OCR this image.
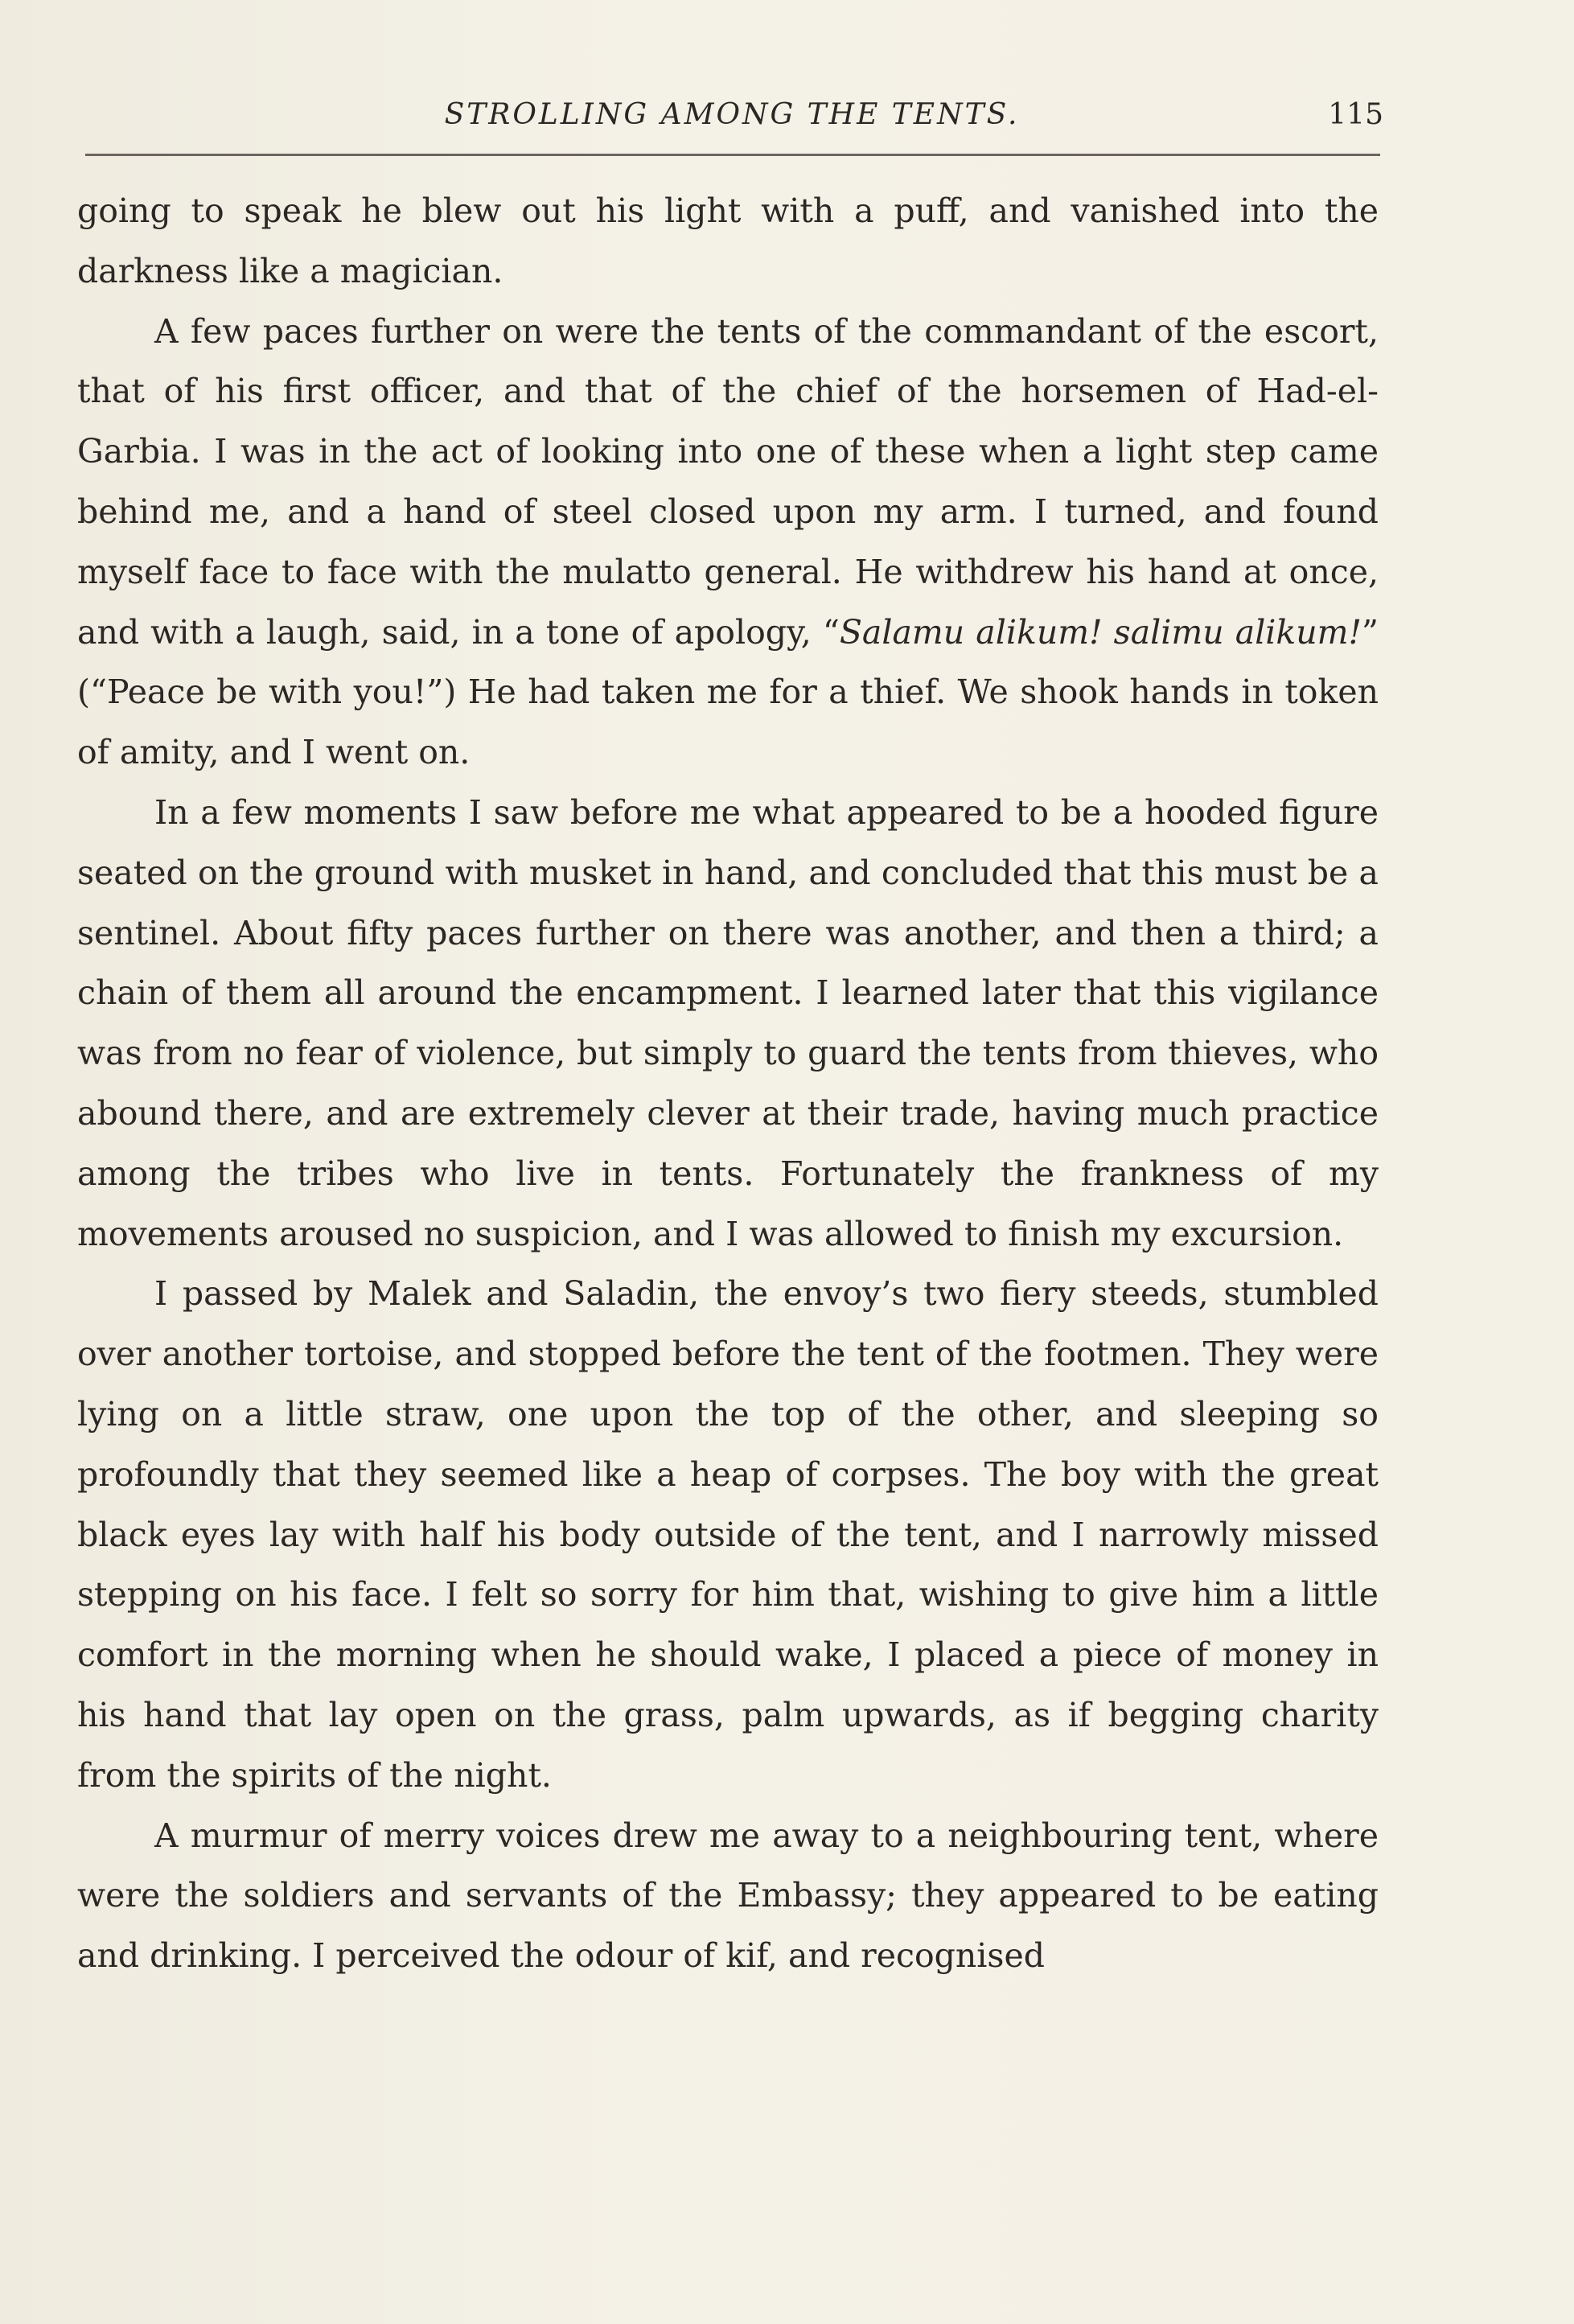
STROLLING AMONG THE TENTS.	115

going to speak he blew out his light with a puff, and vanished into the darkness like a magician.

A few paces further on were the tents of the commandant of the escort, that of his first officer, and that of the chief of the horsemen of Had-el-Garbia. I was in the act of looking into one of these when a light step came behind me, and a hand of steel closed upon my arm. I turned, and found myself face to face with the mulatto general. He withdrew his hand at once, and with a laugh, said, in a tone of apology, “Salamu alikum! salimu alikum!” (“Peace be with you!”) He had taken me for a thief. We shook hands in token of amity, and I went on.

In a few moments I saw before me what appeared to be a hooded figure seated on the ground with musket in hand, and concluded that this must be a sentinel. About fifty paces further on there was another, and then a third; a chain of them all around the encampment. I learned later that this vigilance was from no fear of violence, but simply to guard the tents from thieves, who abound there, and are extremely clever at their trade, having much practice among the tribes who live in tents. Fortunately the frankness of my movements aroused no suspicion, and I was allowed to finish my excursion.

I passed by Malek and Saladin, the envoy’s two fiery steeds, stumbled over another tortoise, and stopped before the tent of the footmen. They were lying on a little straw, one upon the top of the other, and sleeping so profoundly that they seemed like a heap of corpses. The boy with the great black eyes lay with half his body outside of the tent, and I narrowly missed stepping on his face. I felt so sorry for him that, wishing to give him a little comfort in the morning when he should wake, I placed a piece of money in his hand that lay open on the grass, palm upwards, as if begging charity from the spirits of the night.

A murmur of merry voices drew me away to a neighbouring tent, where were the soldiers and servants of the Embassy; they appeared to be eating and drinking. I perceived the odour of kif, and recognised
